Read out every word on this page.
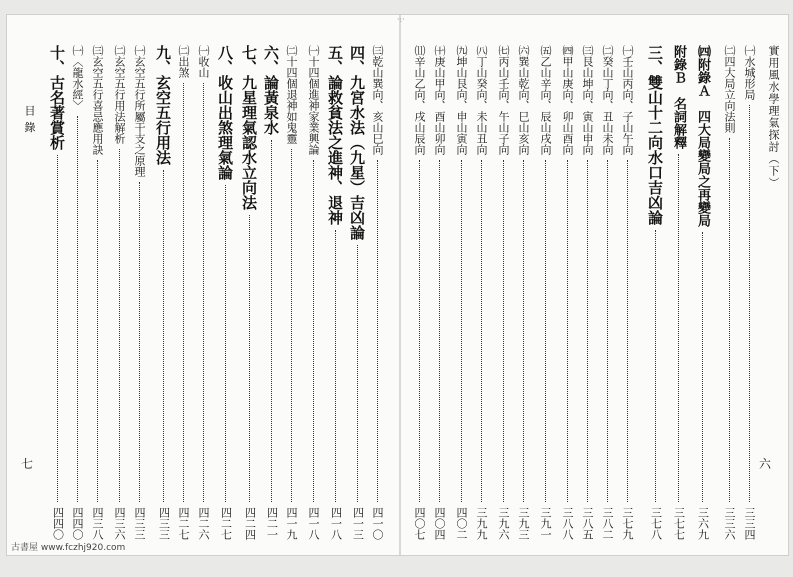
·:·
目 錄
七
實用風水學理氣探討（下）
六
十、古名著賞析
四四〇
㈠〈龍水經〉
四四〇
㈢玄空五行喜忌應用訣
四三八
㈡玄空五行用法解析
四三六
㈠玄空五行所屬干支之原理
四三三
九、玄空五行用法
四三三
㈡出煞
四二七
㈠收山
四二六
八、收山出煞理氣論
四二七
七、九星理氣認水立向法
四二四
六、論黃泉水
四二一
㈡十四個退神如鬼靈
四一九
㈠十四個進神家業興論
四一八
五、論救貧法之進神、退神
四一八
四、九宮水法（九星）吉凶論
四一三
㈢乾山巽向、亥山巳向
四一〇
㈠水城形局
三三四
㈡四大局立向法則
三三六
㈣附錄Ａ　四大局變局之再變局
三六九
附錄Ｂ　名詞解釋
三七七
三、雙山十二向水口吉凶論
三七八
㈠壬山丙向、子山午向
三七九
㈡癸山丁向、丑山未向
三八二
㈢艮山坤向、寅山申向
三八五
㈣甲山庚向、卯山酉向
三八八
㈤乙山辛向、辰山戌向
三九一
㈥巽山乾向、巳山亥向
三九三
㈦丙山壬向、午山子向
三九六
㈧丁山癸向、未山丑向
三九九
㈨坤山艮向、申山寅向
四〇二
㈩庚山甲向、酉山卯向
四〇四
⑾辛山乙向、戌山辰向
四〇七
古書屋 www.fczhj920.com
